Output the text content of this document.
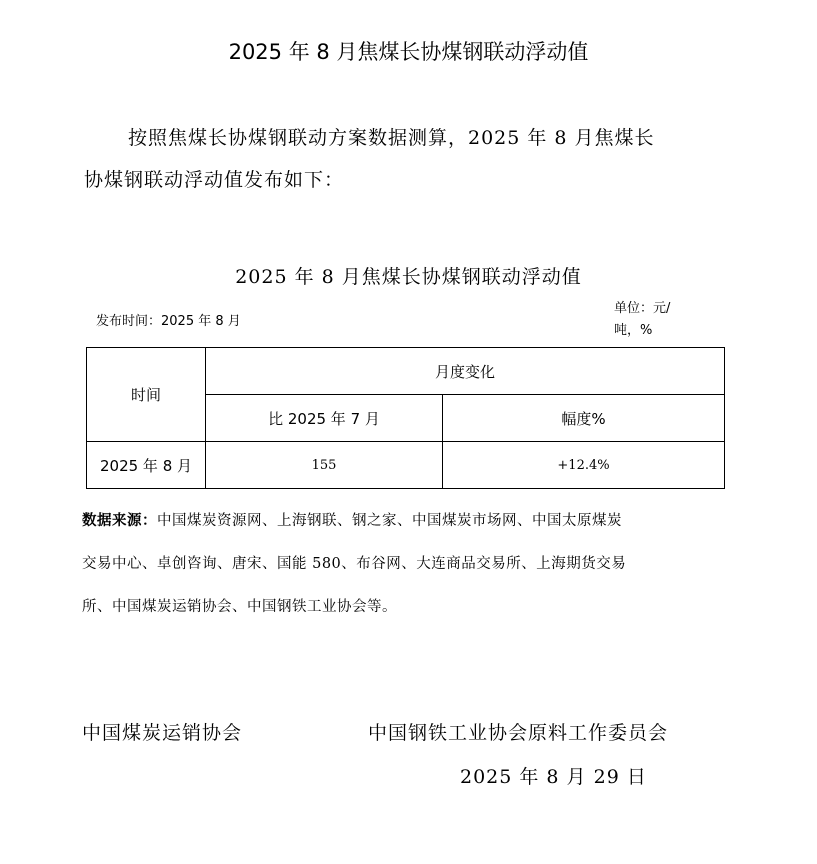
2025 年 8 月焦煤长协煤钢联动浮动值
按照焦煤长协煤钢联动方案数据测算，2025 年 8 月焦煤长
协煤钢联动浮动值发布如下：
2025 年 8 月焦煤长协煤钢联动浮动值
发布时间：2025 年 8 月
单位：元/吨，%
时间	月度变化	
	比 2025 年 7 月	幅度%
2025 年 8 月	155	+12.4%
数据来源：中国煤炭资源网、上海钢联、钢之家、中国煤炭市场网、中国太原煤炭
交易中心、卓创咨询、唐宋、国能 580、布谷网、大连商品交易所、上海期货交易
所、中国煤炭运销协会、中国钢铁工业协会等。
中国煤炭运销协会	中国钢铁工业协会原料工作委员会
2025 年 8 月 29 日
